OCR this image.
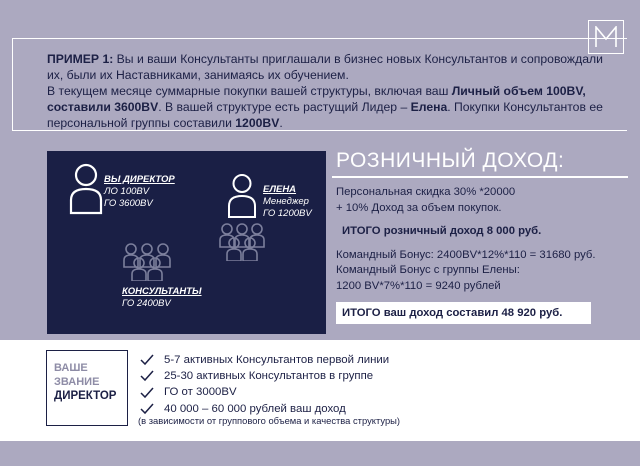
ПРИМЕР 1: Вы и ваши Консультанты приглашали в бизнес новых Консультантов и сопровождали их, были их Наставниками, занимаясь их обучением.

В текущем месяце суммарные покупки вашей структуры, включая ваш Личный объем 100BV, составили 3600BV. В вашей структуре есть растущий Лидер – Елена. Покупки Консультантов ее персональной группы составили 1200BV.

ВЫ ДИРЕКТОР
ЛО 100BV
ГО 3600BV
ЕЛЕНА
Менеджер
ГО 1200BV
КОНСУЛЬТАНТЫ
ГО 2400BV
РОЗНИЧНЫЙ ДОХОД:
Персональная скидка 30% *20000
+ 10% Доход за объем покупок.
ИТОГО розничный доход 8 000 руб.
Командный Бонус: 2400BV*12%*110 = 31680 руб.
Командный Бонус с группы Елены:
1200 BV*7%*110 = 9240 рублей
ИТОГО ваш доход составил 48 920 руб.
ВАШЕ
ЗВАНИЕ
ДИРЕКТОР
5-7 активных Консультантов первой линии
25-30 активных Консультантов в группе
ГО от 3000BV
40 000 – 60 000 рублей ваш доход
(в зависимости от группового объема и качества структуры)
